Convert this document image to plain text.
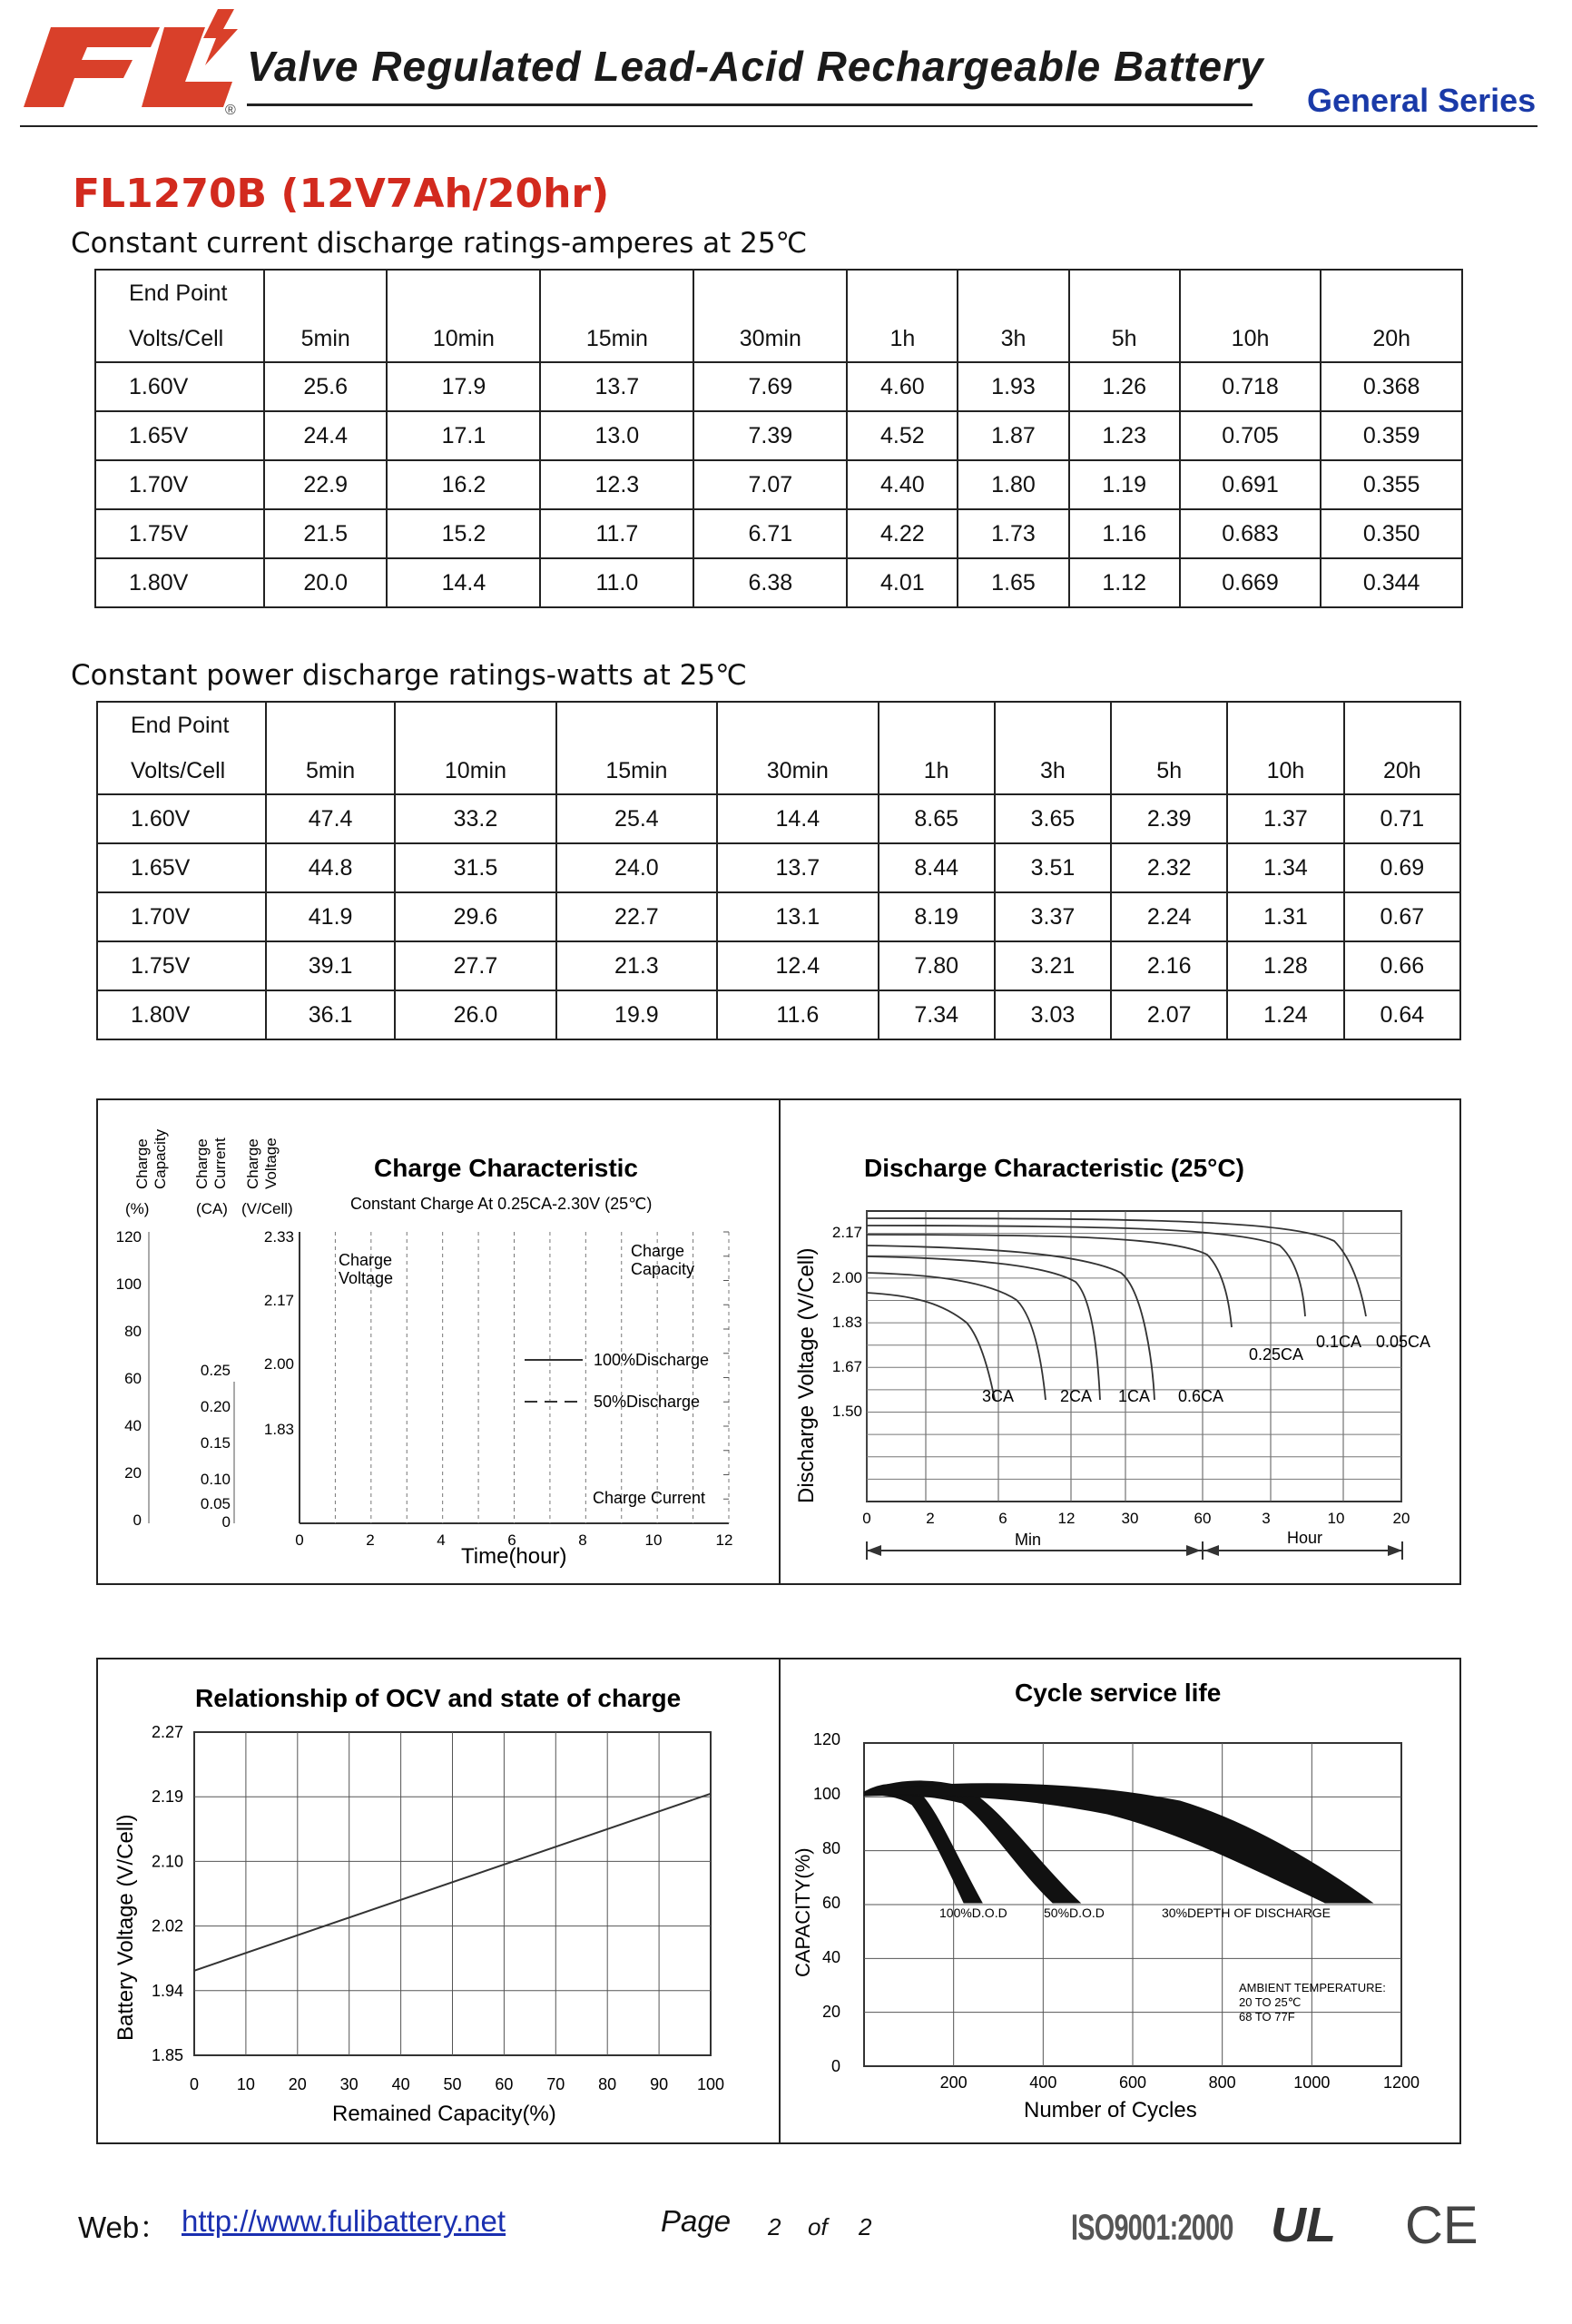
®
Valve Regulated Lead-Acid Rechargeable Battery
General Series
FL1270B (12V7Ah/20hr)
Constant current discharge ratings-amperes at 25℃
End Point									
Volts/Cell	5min	10min	15min	30min	1h	3h	5h	10h	20h
1.60V	25.6	17.9	13.7	7.69	4.60	1.93	1.26	0.718	0.368
1.65V	24.4	17.1	13.0	7.39	4.52	1.87	1.23	0.705	0.359
1.70V	22.9	16.2	12.3	7.07	4.40	1.80	1.19	0.691	0.355
1.75V	21.5	15.2	11.7	6.71	4.22	1.73	1.16	0.683	0.350
1.80V	20.0	14.4	11.0	6.38	4.01	1.65	1.12	0.669	0.344
Constant power discharge ratings-watts at 25℃
End Point									
Volts/Cell	5min	10min	15min	30min	1h	3h	5h	10h	20h
1.60V	47.4	33.2	25.4	14.4	8.65	3.65	2.39	1.37	0.71
1.65V	44.8	31.5	24.0	13.7	8.44	3.51	2.32	1.34	0.69
1.70V	41.9	29.6	22.7	13.1	8.19	3.37	2.24	1.31	0.67
1.75V	39.1	27.7	21.3	12.4	7.80	3.21	2.16	1.28	0.66
1.80V	36.1	26.0	19.9	11.6	7.34	3.03	2.07	1.24	0.64
ChargeCapacity ChargeCurrent ChargeVoltage
(%)	(CA) (V/Cell)
Charge Characteristic
Constant Charge At 0.25CA-2.30V (25℃)
0	2	4	6	8	10	12
120
100
80
60
40
20
0
0.25
0.20
0.15
0.10
0.05
0
2.33
2.17
2.00
1.83
Charge Voltage
Charge Capacity
Charge Current
100%Discharge
50%Discharge
Time(hour)
Discharge Characteristic (25°C)
Discharge Voltage (V/Cell)
0	2	6	12	30	60	3	10	20
2.17
2.00
1.83
1.67
1.50
3CA	2CA 1CA 0.6CA
0.25CA
0.1CA 0.05CA
Min	Hour
Relationship of OCV and state of charge
Battery Voltage (V/Cell)
0 10 20 30 40 50 60 70 80 90 100
2.27
2.19
2.10
2.02
1.94
1.85
Remained Capacity(%)
Cycle service life
CAPACITY(%)
200	400	600	800	1000	1200
120
100
80
60
40
20
0
100%D.O.D	50%D.O.D	30%DEPTH OF DISCHARGE
AMBIENT TEMPERATURE:
20 TO 25℃
68 TO 77F
Number of Cycles
Web： http://www.fulibattery.net	Page 2 of 2	ISO9001:2000 UL CE
